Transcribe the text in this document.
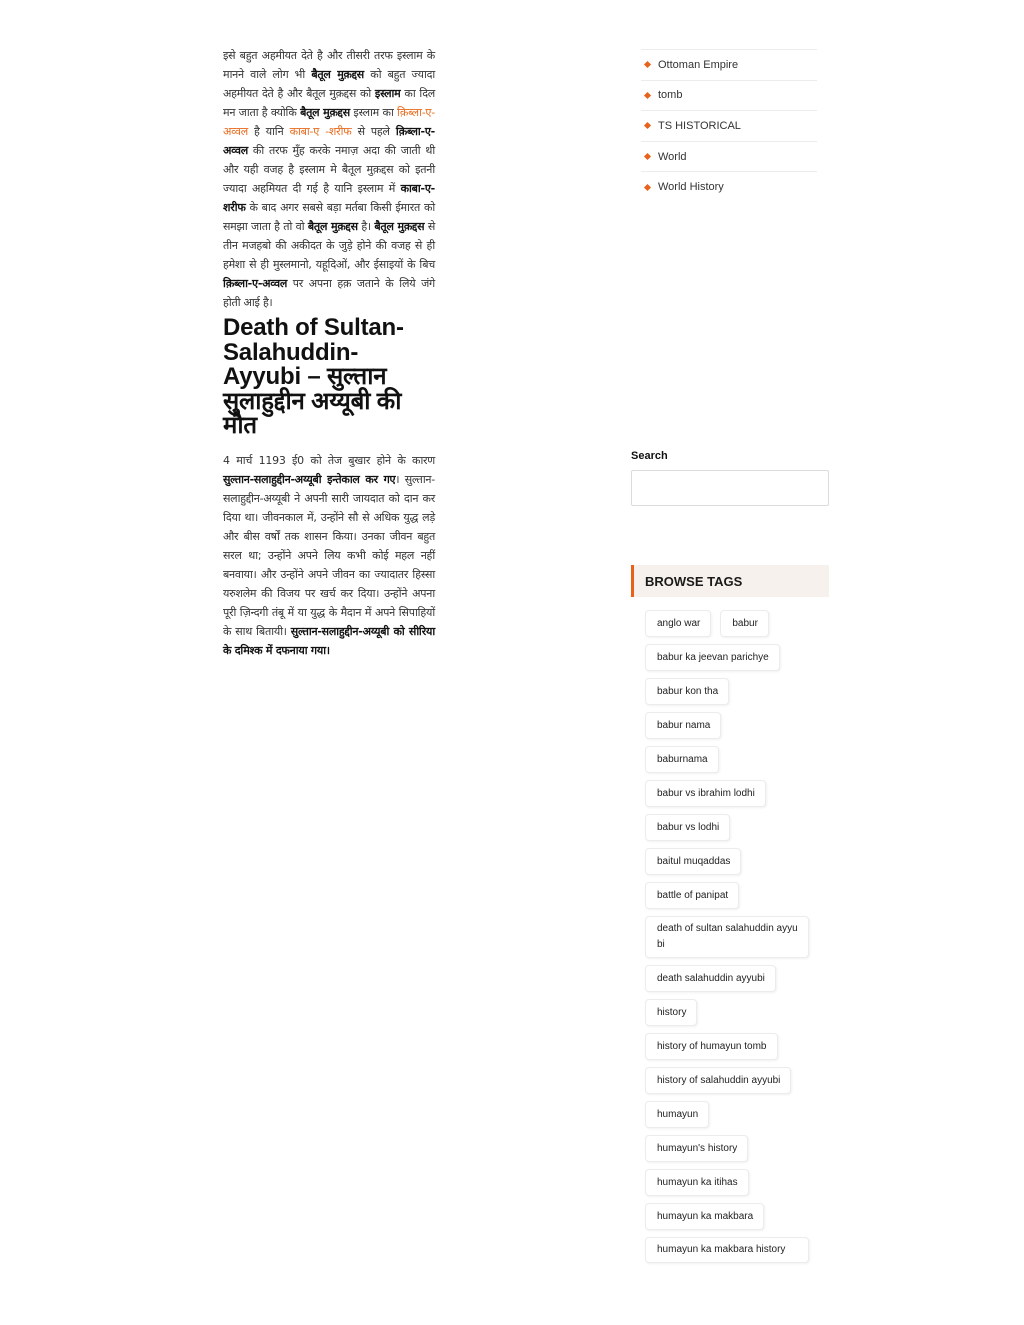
इसे बहुत अहमीयत देते है और तीसरी तरफ इस्लाम के मानने वाले लोग भी बैतूल मुक़द्दस को बहुत ज्यादा अहमीयत देते है और बैतूल मुक़द्दस को इस्लाम का दिल मन जाता है क्योकि बैतूल मुक़द्दस इस्लाम का क़िब्ला-ए-अव्वल है यानि काबा-ए -शरीफ से पहले क़िब्ला-ए-अव्वल की तरफ मुँह करके नमाज़ अदा की जाती थी और यही वजह है इस्लाम मे बैतूल मुक़द्दस को इतनी ज्यादा अहमियत दी गई है यानि इस्लाम में काबा-ए-शरीफ के बाद अगर सबसे बड़ा मर्तबा किसी ईमारत को समझा जाता है तो वो बैतूल मुक़द्दस है। बैतूल मुक़द्दस से तीन मजहबो की अकीदत के जुड़े होने की वजह से ही हमेशा से ही मुस्लमानो, यहूदिओं, और ईसाइयों के बिच क़िब्ला-ए-अव्वल पर अपना हक़ जताने के लिये जंगे होती आई है।

Death of Sultan-Salahuddin-Ayyubi – सुल्तान सुलाहुद्दीन अय्यूबी की मौत

4 मार्च 1193 ई0 को तेज बुखार होने के कारण सुल्तान-सलाहुद्दीन-अय्यूबी इन्तेकाल कर गए। सुल्तान-सलाहुद्दीन-अय्यूबी ने अपनी सारी जायदात को दान कर दिया था। जीवनकाल में, उन्होंने सौ से अधिक युद्ध लड़े और बीस वर्षों तक शासन किया। उनका जीवन बहुत सरल था; उन्होंने अपने लिय कभी कोई महल नहीं बनवाया। और उन्होंने अपने जीवन का ज्यादातर हिस्सा यरुशलेम की विजय पर खर्च कर दिया। उन्होंने अपना पूरी ज़िन्दगी तंबू में या युद्ध के मैदान में अपने सिपाहियों के साथ बितायी। सुल्तान-सलाहुद्दीन-अय्यूबी को सीरिया के दमिश्क में दफनाया गया।

Ottoman Empire
tomb
TS HISTORICAL
World
World History
Search
BROWSE TAGS
anglo war	babur
babur ka jeevan parichye
babur kon tha
babur nama
baburnama
babur vs ibrahim lodhi
babur vs lodhi
baitul muqaddas
battle of panipat
death of sultan salahuddin ayyubi
death salahuddin ayyubi
history
history of humayun tomb
history of salahuddin ayyubi
humayun
humayun's history
humayun ka itihas
humayun ka makbara
humayun ka makbara history
